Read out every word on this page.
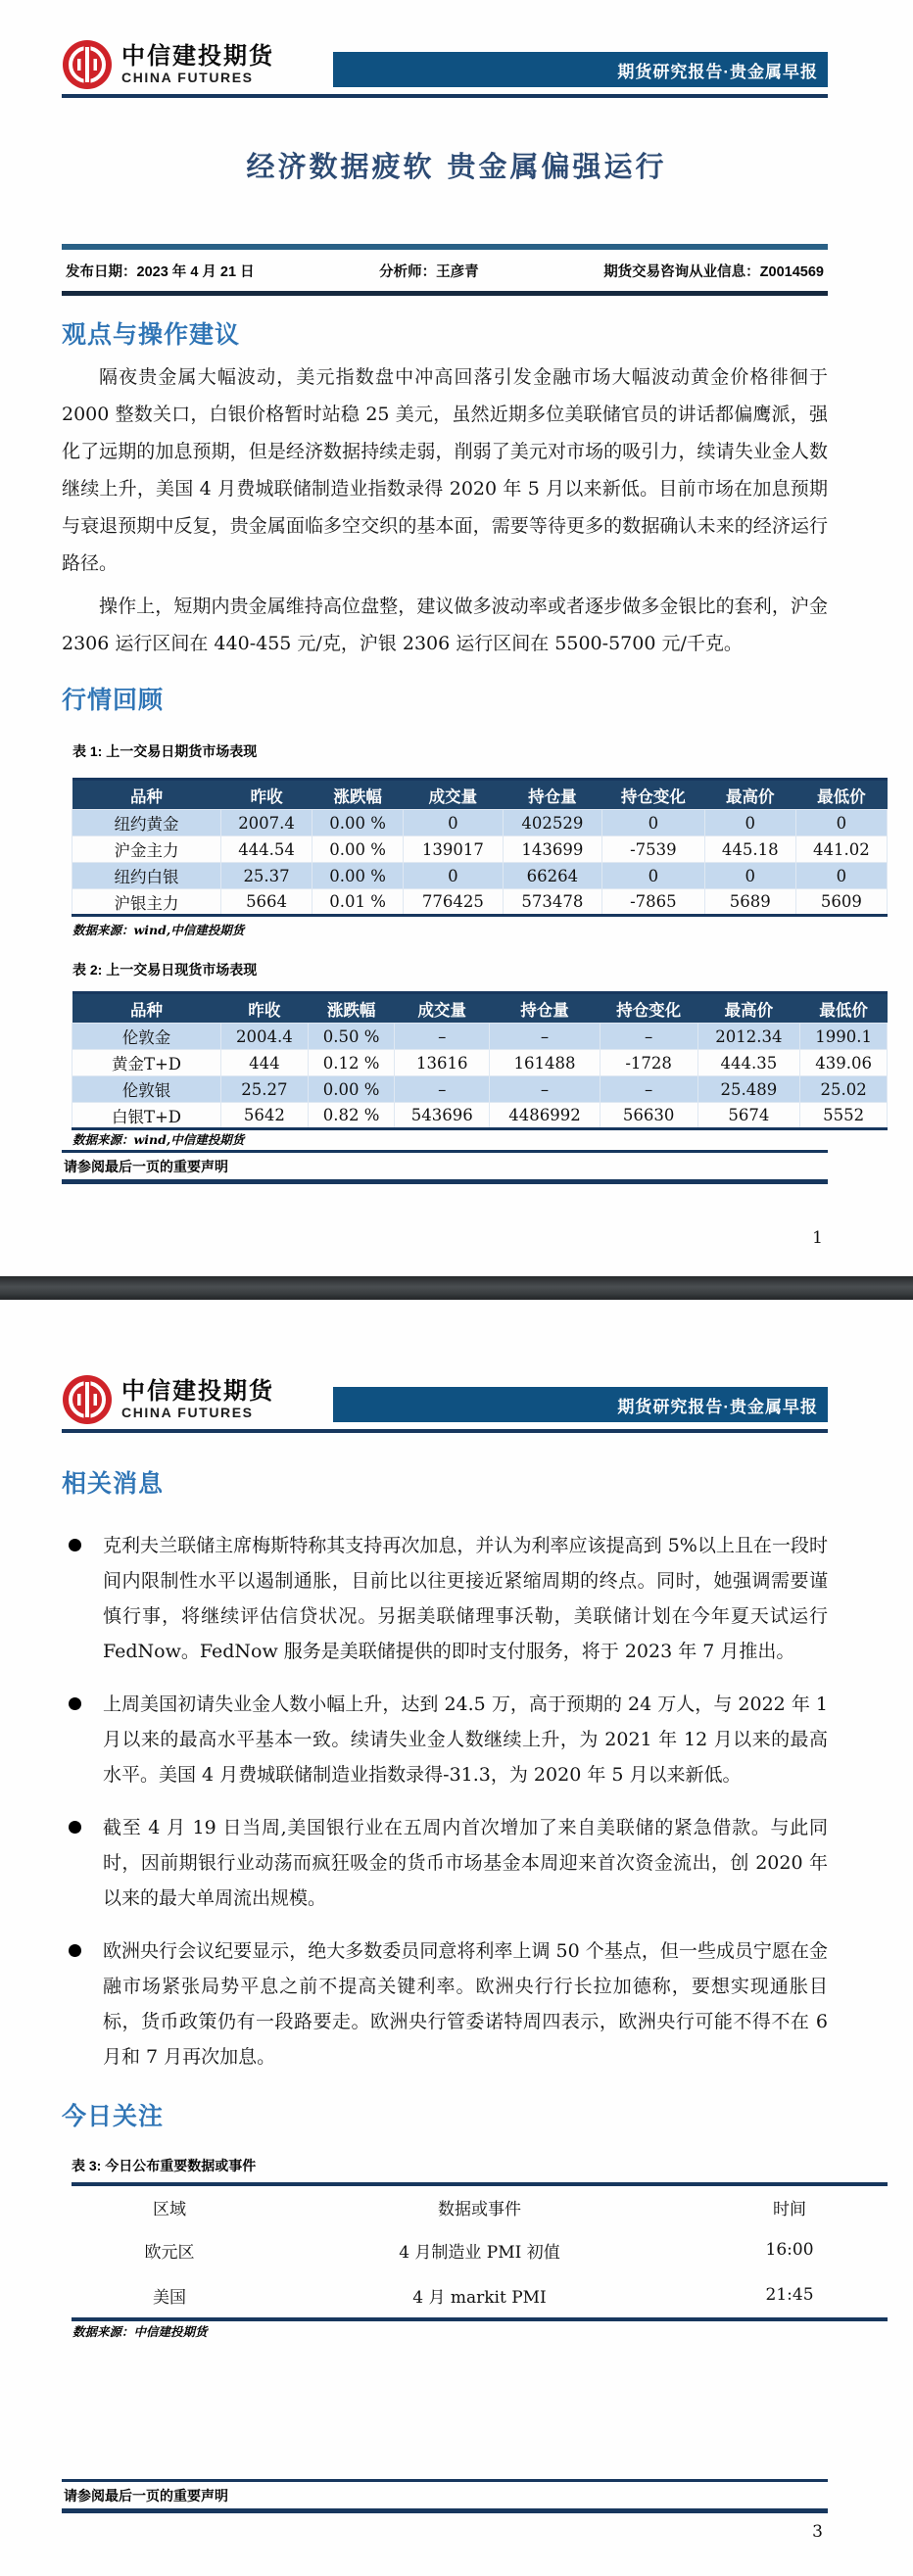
中信建投期货
CHINA FUTURES	期货研究报告·贵金属早报
经济数据疲软 贵金属偏强运行
发布日期：2023 年 4 月 21 日	分析师：王彦青	期货交易咨询从业信息：Z0014569
观点与操作建议

隔夜贵金属大幅波动，美元指数盘中冲高回落引发金融市场大幅波动黄金价格徘徊于 2000 整数关口，白银价格暂时站稳 25 美元，虽然近期多位美联储官员的讲话都偏鹰派，强化了远期的加息预期，但是经济数据持续走弱，削弱了美元对市场的吸引力，续请失业金人数继续上升，美国 4 月费城联储制造业指数录得 2020 年 5 月以来新低。目前市场在加息预期与衰退预期中反复，贵金属面临多空交织的基本面，需要等待更多的数据确认未来的经济运行路径。

操作上，短期内贵金属维持高位盘整，建议做多波动率或者逐步做多金银比的套利，沪金 2306 运行区间在 440-455 元/克，沪银 2306 运行区间在 5500-5700 元/千克。

行情回顾
表 1: 上一交易日期货市场表现
品种	昨收	涨跌幅	成交量	持仓量	持仓变化	最高价	最低价
纽约黄金	2007.4	0.00 %	0	402529	0	0	0
沪金主力	444.54	0.00 %	139017	143699	-7539	445.18	441.02
纽约白银	25.37	0.00 %	0	66264	0	0	0
沪银主力	5664	0.01 %	776425	573478	-7865	5689	5609
数据来源：wind,中信建投期货
表 2: 上一交易日现货市场表现
品种	昨收	涨跌幅	成交量	持仓量	持仓变化	最高价	最低价
伦敦金	2004.4	0.50 %	–	–	–	2012.34	1990.1
黄金T+D	444	0.12 %	13616	161488	-1728	444.35	439.06
伦敦银	25.27	0.00 %	–	–	–	25.489	25.02
白银T+D	5642	0.82 %	543696	4486992	56630	5674	5552
数据来源：wind,中信建投期货
请参阅最后一页的重要声明
1
中信建投期货
CHINA FUTURES	期货研究报告·贵金属早报
相关消息
克利夫兰联储主席梅斯特称其支持再次加息，并认为利率应该提高到 5%以上且在一段时间内限制性水平以遏制通胀，目前比以往更接近紧缩周期的终点。同时，她强调需要谨慎行事，将继续评估信贷状况。另据美联储理事沃勒，美联储计划在今年夏天试运行 FedNow。FedNow 服务是美联储提供的即时支付服务，将于 2023 年 7 月推出。
上周美国初请失业金人数小幅上升，达到 24.5 万，高于预期的 24 万人，与 2022 年 1 月以来的最高水平基本一致。续请失业金人数继续上升，为 2021 年 12 月以来的最高水平。美国 4 月费城联储制造业指数录得-31.3，为 2020 年 5 月以来新低。
截至 4 月 19 日当周,美国银行业在五周内首次增加了来自美联储的紧急借款。与此同时，因前期银行业动荡而疯狂吸金的货币市场基金本周迎来首次资金流出，创 2020 年以来的最大单周流出规模。
欧洲央行会议纪要显示，绝大多数委员同意将利率上调 50 个基点，但一些成员宁愿在金融市场紧张局势平息之前不提高关键利率。欧洲央行行长拉加德称，要想实现通胀目标，货币政策仍有一段路要走。欧洲央行管委诺特周四表示，欧洲央行可能不得不在 6 月和 7 月再次加息。
今日关注
表 3: 今日公布重要数据或事件
区域	数据或事件	时间
欧元区	4 月制造业 PMI 初值	16:00
美国	4 月 markit PMI	21:45
数据来源：中信建投期货
请参阅最后一页的重要声明
3
